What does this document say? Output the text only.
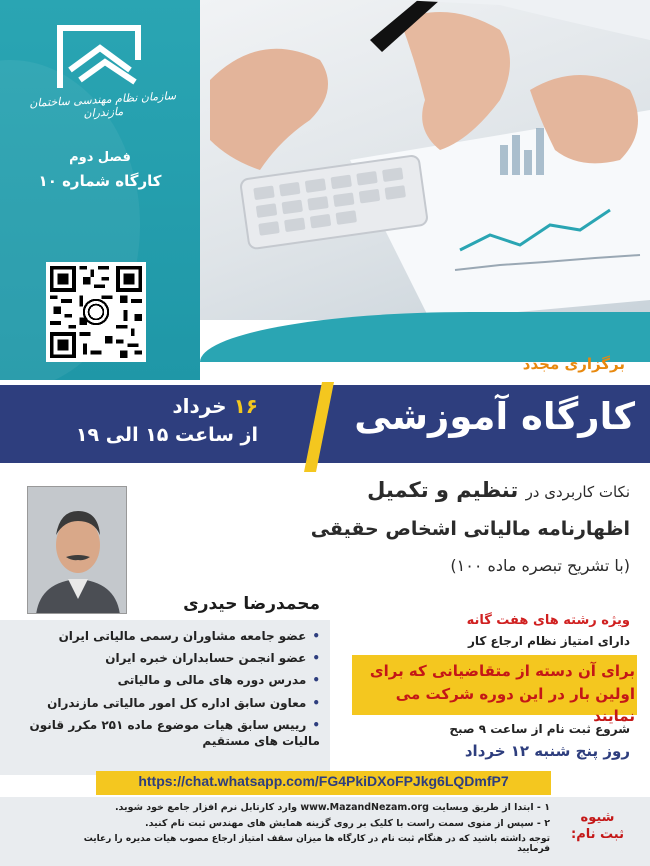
سازمان نظام مهندسی ساختمان مازندران
فصل دوم
کارگاه شماره ۱۰
برگزاری مجدد
۱۶ خرداد
از ساعت ۱۵ الی ۱۹	کارگاه آموزشی
نکات کاربردی در تنظیم و تکمیل
اظهارنامه مالیاتی اشخاص حقیقی
(با تشریح تبصره ماده ۱۰۰)
محمدرضا حیدری
• عضو جامعه مشاوران رسمی مالیاتی ایران
• عضو انجمن حسابداران خبره ایران
• مدرس دوره های مالی و مالیاتی
• معاون سابق اداره کل امور مالیاتی مازندران
• رییس سابق هیات موضوع ماده ۲۵۱ مکرر قانون مالیات های مستقیم
ویژه رشته های هفت گانه
دارای امتیاز نظام ارجاع کار
برای آن دسته از متقاضیانی که برای
اولین بار در این دوره شرکت می نمایند
شروع ثبت نام از ساعت ۹ صبح
روز پنج شنبه ۱۲ خرداد
https://chat.whatsapp.com/FG4PkiDXoFPJkg6LQDmfP7
شیوه
ثبت نام:
۱ - ابتدا از طریق وبسایت www.MazandNezam.org وارد کارتابل نرم افزار جامع خود شوید.
۲ - سپس از منوی سمت راست با کلیک بر روی گزینه همایش های مهندس ثبت نام کنید.
توجه داشته باشید که در هنگام ثبت نام در کارگاه ها میزان سقف امتیاز ارجاع مصوب هیات مدیره را رعایت فرمایید
